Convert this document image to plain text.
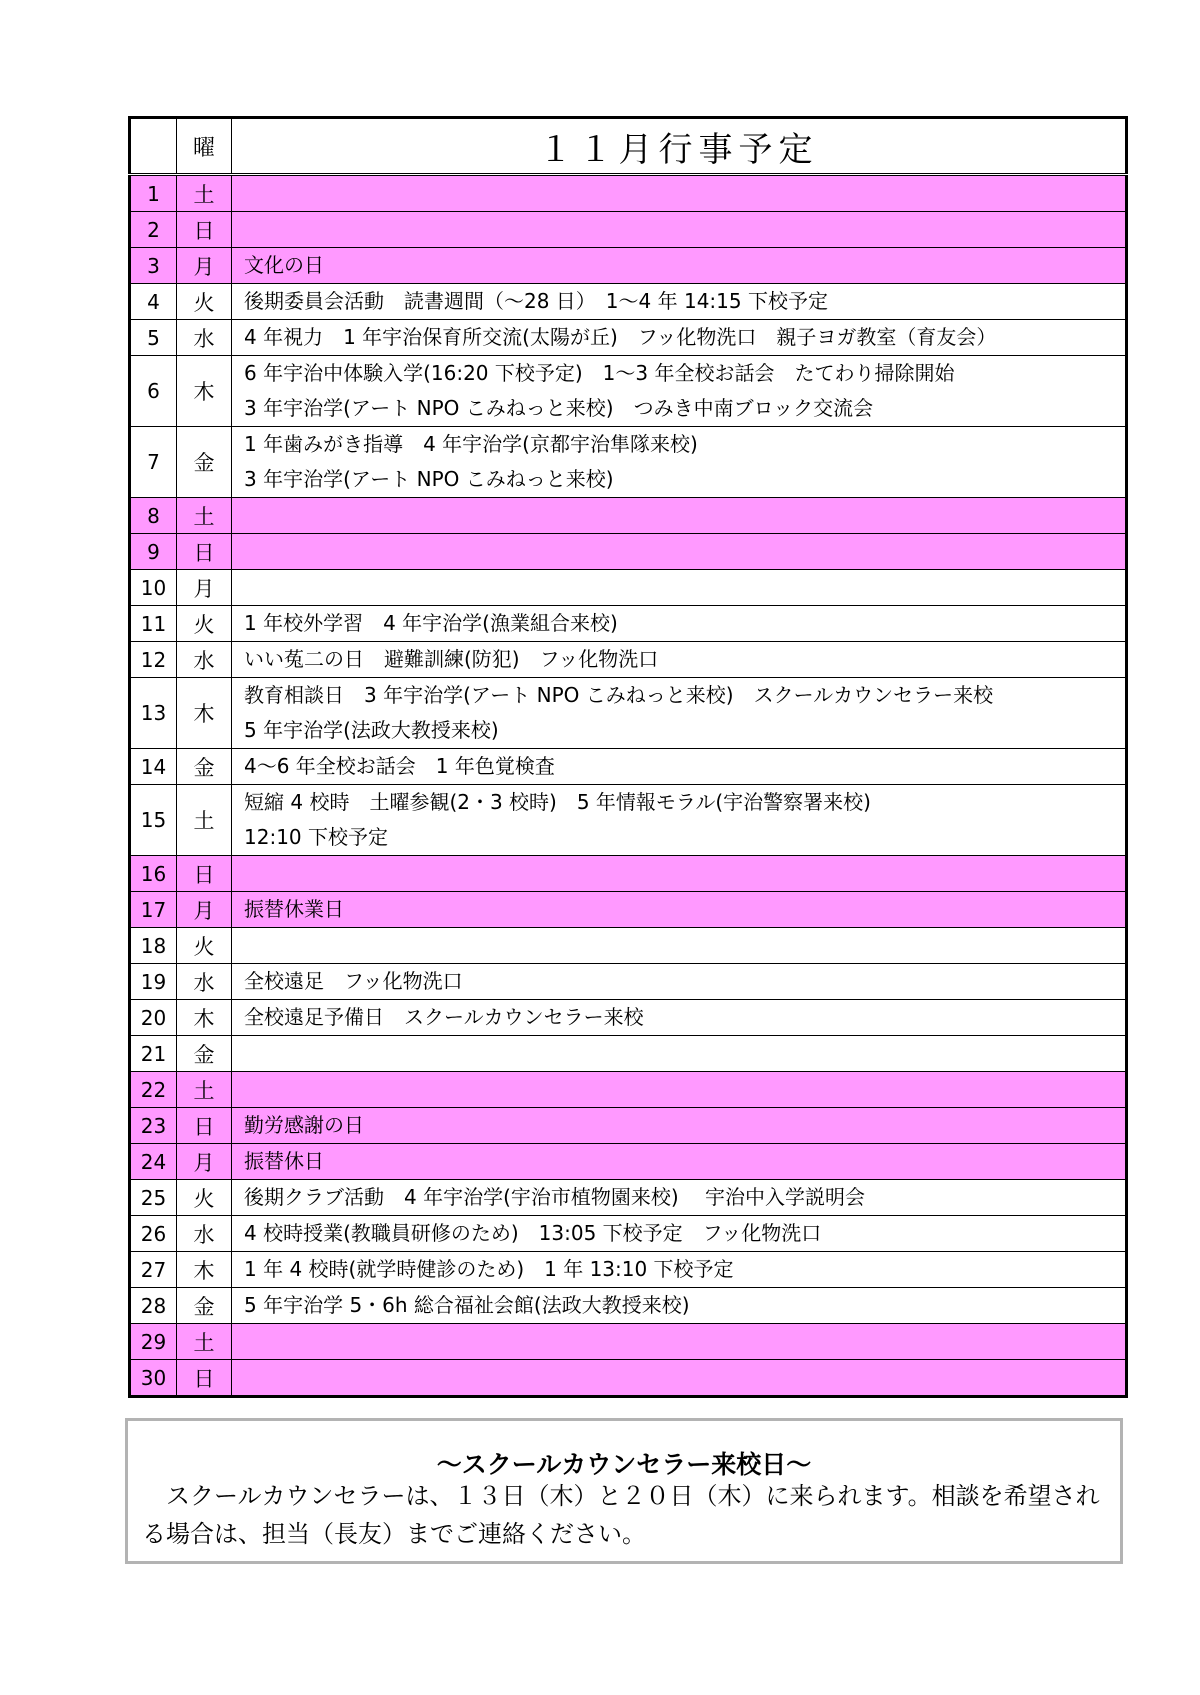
	曜	１１月行事予定
1	土	
2	日	
3	月	文化の日

4	火	後期委員会活動　読書週間（～28 日）　1～4 年 14:15 下校予定

5	水	4 年視力　1 年宇治保育所交流(太陽が丘)　フッ化物洗口　親子ヨガ教室（育友会）

6	木	6 年宇治中体験入学(16:20 下校予定)　1～3 年全校お話会　たてわり掃除開始
3 年宇治学(アート NPO こみねっと来校)　つみき中南ブロック交流会

7	金	1 年歯みがき指導　4 年宇治学(京都宇治隼隊来校)
3 年宇治学(アート NPO こみねっと来校)

8	土	
9	日	
10	月	
11	火	1 年校外学習　4 年宇治学(漁業組合来校)

12	水	いい菟二の日　避難訓練(防犯)　フッ化物洗口

13	木	教育相談日　3 年宇治学(アート NPO こみねっと来校)　スクールカウンセラー来校
5 年宇治学(法政大教授来校)

14	金	4～6 年全校お話会　1 年色覚検査

15	土	短縮 4 校時　土曜参観(2・3 校時)　5 年情報モラル(宇治警察署来校)
12:10 下校予定

16	日	
17	月	振替休業日

18	火	
19	水	全校遠足　フッ化物洗口

20	木	全校遠足予備日　スクールカウンセラー来校

21	金	
22	土	
23	日	勤労感謝の日

24	月	振替休日

25	火	後期クラブ活動　4 年宇治学(宇治市植物園来校)　 宇治中入学説明会

26	水	4 校時授業(教職員研修のため)　13:05 下校予定　フッ化物洗口

27	木	1 年 4 校時(就学時健診のため)　1 年 13:10 下校予定

28	金	5 年宇治学 5・6h 総合福祉会館(法政大教授来校)

29	土	
30	日	
～スクールカウンセラー来校日～
　スクールカウンセラーは、１３日（木）と２０日（木）に来られます。相談を希望される場合は、担当（長友）までご連絡ください。
